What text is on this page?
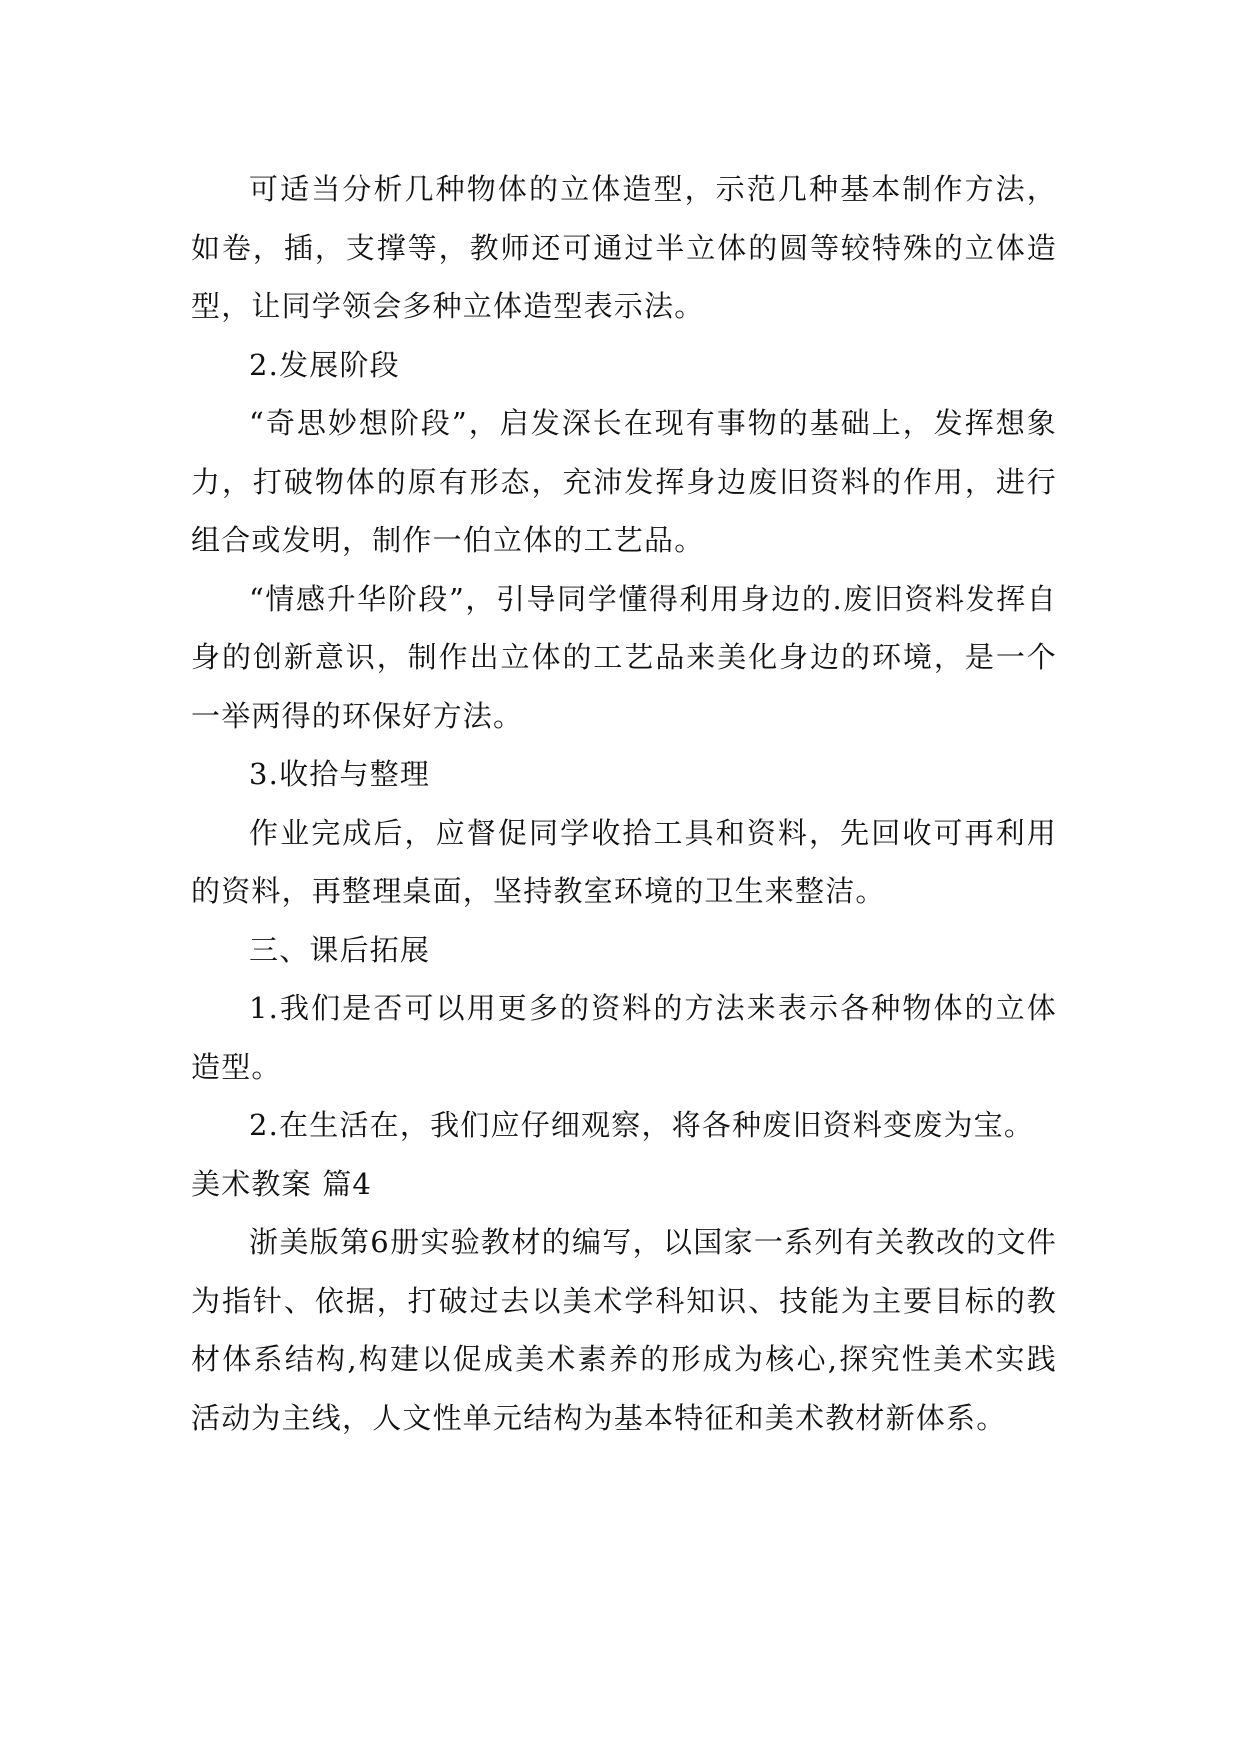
可适当分析几种物体的立体造型，示范几种基本制作方法，如卷，插，支撑等，教师还可通过半立体的圆等较特殊的立体造型，让同学领会多种立体造型表示法。

2.发展阶段

“奇思妙想阶段”，启发深长在现有事物的基础上，发挥想象力，打破物体的原有形态，充沛发挥身边废旧资料的作用，进行组合或发明，制作一伯立体的工艺品。

“情感升华阶段”，引导同学懂得利用身边的.废旧资料发挥自身的创新意识，制作出立体的工艺品来美化身边的环境，是一个一举两得的环保好方法。

3.收拾与整理

作业完成后，应督促同学收拾工具和资料，先回收可再利用的资料，再整理桌面，坚持教室环境的卫生来整洁。

三、课后拓展

1.我们是否可以用更多的资料的方法来表示各种物体的立体造型。

2.在生活在，我们应仔细观察，将各种废旧资料变废为宝。

美术教案 篇4

浙美版第6册实验教材的编写，以国家一系列有关教改的文件为指针、依据，打破过去以美术学科知识、技能为主要目标的教材体系结构,构建以促成美术素养的形成为核心,探究性美术实践活动为主线，人文性单元结构为基本特征和美术教材新体系。
